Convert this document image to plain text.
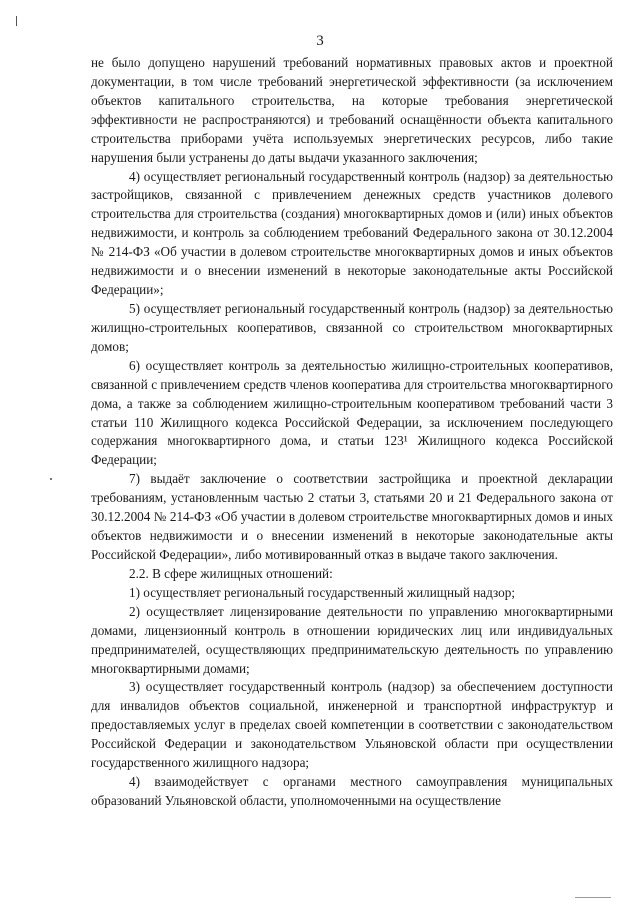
3

не было допущено нарушений требований нормативных правовых актов и проектной документации, в том числе требований энергетической эффективности (за исключением объектов капитального строительства, на которые требования энергетической эффективности не распространяются) и требований оснащённости объекта капитального строительства приборами учёта используемых энергетических ресурсов, либо такие нарушения были устранены до даты выдачи указанного заключения;

4) осуществляет региональный государственный контроль (надзор) за деятельностью застройщиков, связанной с привлечением денежных средств участников долевого строительства для строительства (создания) многоквартирных домов и (или) иных объектов недвижимости, и контроль за соблюдением требований Федерального закона от 30.12.2004 № 214-ФЗ «Об участии в долевом строительстве многоквартирных домов и иных объектов недвижимости и о внесении изменений в некоторые законодательные акты Российской Федерации»;

5) осуществляет региональный государственный контроль (надзор) за деятельностью жилищно-строительных кооперативов, связанной со строительством многоквартирных домов;

6) осуществляет контроль за деятельностью жилищно-строительных кооперативов, связанной с привлечением средств членов кооператива для строительства многоквартирного дома, а также за соблюдением жилищно-строительным кооперативом требований части 3 статьи 110 Жилищного кодекса Российской Федерации, за исключением последующего содержания многоквартирного дома, и статьи 123¹ Жилищного кодекса Российской Федерации;

7) выдаёт заключение о соответствии застройщика и проектной декларации требованиям, установленным частью 2 статьи 3, статьями 20 и 21 Федерального закона от 30.12.2004 № 214-ФЗ «Об участии в долевом строительстве многоквартирных домов и иных объектов недвижимости и о внесении изменений в некоторые законодательные акты Российской Федерации», либо мотивированный отказ в выдаче такого заключения.

2.2. В сфере жилищных отношений:

1) осуществляет региональный государственный жилищный надзор;

2) осуществляет лицензирование деятельности по управлению многоквартирными домами, лицензионный контроль в отношении юридических лиц или индивидуальных предпринимателей, осуществляющих предпринимательскую деятельность по управлению многоквартирными домами;

3) осуществляет государственный контроль (надзор) за обеспечением доступности для инвалидов объектов социальной, инженерной и транспортной инфраструктур и предоставляемых услуг в пределах своей компетенции в соответствии с законодательством Российской Федерации и законодательством Ульяновской области при осуществлении государственного жилищного надзора;

4) взаимодействует с органами местного самоуправления муниципальных образований Ульяновской области, уполномоченными на осуществление
